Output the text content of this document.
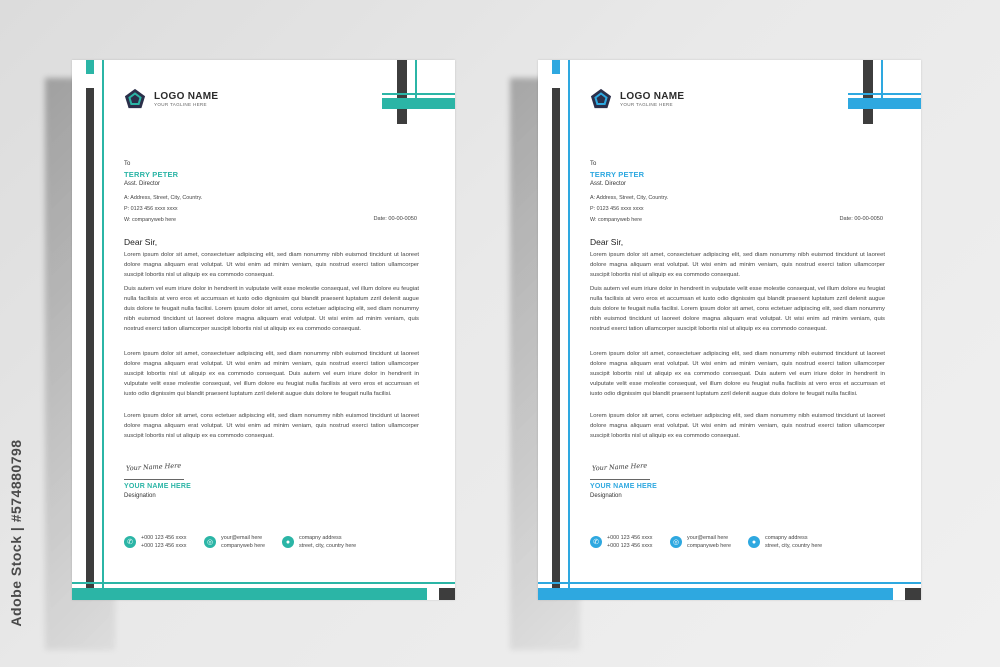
Adobe Stock | #574880798
LOGO NAME
YOUR TAGLINE HERE
To
TERRY PETER
Asst. Director
A: Address, Street, City, Country.
P: 0123 456 xxxx xxxx
W: companyweb here	Date: 00-00-0050
Dear Sir,

Lorem ipsum dolor sit amet, consectetuer adipiscing elit, sed diam nonummy nibh euismod tincidunt ut laoreet dolore magna aliquam erat volutpat. Ut wisi enim ad minim veniam, quis nostrud exerci tation ullamcorper suscipit lobortis nisl ut aliquip ex ea commodo consequat.

Duis autem vel eum iriure dolor in hendrerit in vulputate velit esse molestie consequat, vel illum dolore eu feugiat nulla facilisis at vero eros et accumsan et iusto odio dignissim qui blandit praesent luptatum zzril delenit augue duis dolore te feugait nulla facilisi. Lorem ipsum dolor sit amet, cons ectetuer adipiscing elit, sed diam nonummy nibh euismod tincidunt ut laoreet dolore magna aliquam erat volutpat. Ut wisi enim ad minim veniam, quis nostrud exerci tation ullamcorper suscipit lobortis nisl ut aliquip ex ea commodo consequat.

Lorem ipsum dolor sit amet, consectetuer adipiscing elit, sed diam nonummy nibh euismod tincidunt ut laoreet dolore magna aliquam erat volutpat. Ut wisi enim ad minim veniam, quis nostrud exerci tation ullamcorper suscipit lobortis nisl ut aliquip ex ea commodo consequat. Duis autem vel eum iriure dolor in hendrerit in vulputate velit esse molestie consequat, vel illum dolore eu feugiat nulla facilisis at vero eros et accumsan et iusto odio dignissim qui blandit praesent luptatum zzril delenit augue duis dolore te feugait nulla facilisi.

Lorem ipsum dolor sit amet, cons ectetuer adipiscing elit, sed diam nonummy nibh euismod tincidunt ut laoreet dolore magna aliquam erat volutpat. Ut wisi enim ad minim veniam, quis nostrud exerci tation ullamcorper suscipit lobortis nisl ut aliquip ex ea commodo consequat.

Your Name Here
YOUR NAME HERE
Designation
✆
+000 123 456 xxxx
+000 123 456 xxxx	◎
your@email here
companyweb here	●
comapny address
street, city, country here
LOGO NAME
YOUR TAGLINE HERE
To
TERRY PETER
Asst. Director
A: Address, Street, City, Country.
P: 0123 456 xxxx xxxx
W: companyweb here	Date: 00-00-0050
Dear Sir,

Lorem ipsum dolor sit amet, consectetuer adipiscing elit, sed diam nonummy nibh euismod tincidunt ut laoreet dolore magna aliquam erat volutpat. Ut wisi enim ad minim veniam, quis nostrud exerci tation ullamcorper suscipit lobortis nisl ut aliquip ex ea commodo consequat.

Duis autem vel eum iriure dolor in hendrerit in vulputate velit esse molestie consequat, vel illum dolore eu feugiat nulla facilisis at vero eros et accumsan et iusto odio dignissim qui blandit praesent luptatum zzril delenit augue duis dolore te feugait nulla facilisi. Lorem ipsum dolor sit amet, cons ectetuer adipiscing elit, sed diam nonummy nibh euismod tincidunt ut laoreet dolore magna aliquam erat volutpat. Ut wisi enim ad minim veniam, quis nostrud exerci tation ullamcorper suscipit lobortis nisl ut aliquip ex ea commodo consequat.

Lorem ipsum dolor sit amet, consectetuer adipiscing elit, sed diam nonummy nibh euismod tincidunt ut laoreet dolore magna aliquam erat volutpat. Ut wisi enim ad minim veniam, quis nostrud exerci tation ullamcorper suscipit lobortis nisl ut aliquip ex ea commodo consequat. Duis autem vel eum iriure dolor in hendrerit in vulputate velit esse molestie consequat, vel illum dolore eu feugiat nulla facilisis at vero eros et accumsan et iusto odio dignissim qui blandit praesent luptatum zzril delenit augue duis dolore te feugait nulla facilisi.

Lorem ipsum dolor sit amet, cons ectetuer adipiscing elit, sed diam nonummy nibh euismod tincidunt ut laoreet dolore magna aliquam erat volutpat. Ut wisi enim ad minim veniam, quis nostrud exerci tation ullamcorper suscipit lobortis nisl ut aliquip ex ea commodo consequat.

Your Name Here
YOUR NAME HERE
Designation
✆
+000 123 456 xxxx
+000 123 456 xxxx	◎
your@email here
companyweb here	●
comapny address
street, city, country here
